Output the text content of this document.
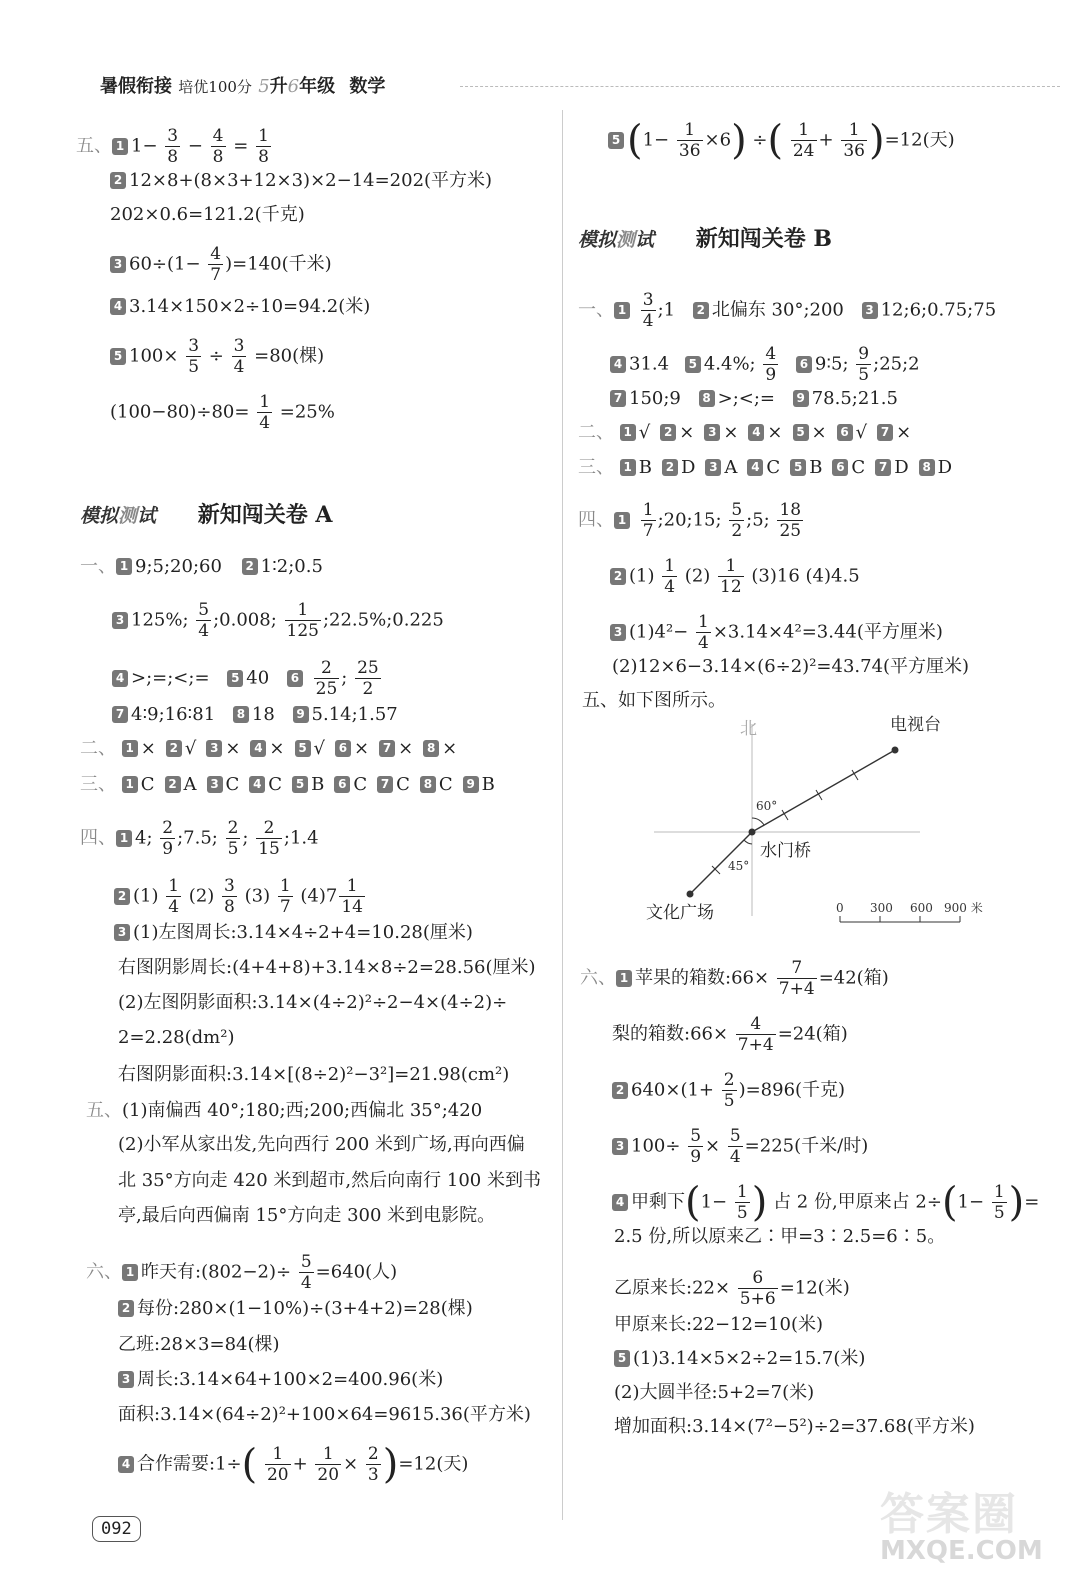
暑假衔接 培优100分 5升6年级 数学
五、 1 $1- \frac{3}{8} - \frac{4}{8} = \frac{1}{8}$
2 12×8+(8×3+12×3)×2−14=202(平方米)
202×0.6=121.2(千克)
3 $60\div(1- \frac{4}{7} )=140$(千米)
4 3.14×150×2÷10=94.2(米)
5 $100\times \frac{3}{5} \div \frac{3}{4} =80$(棵)
$(100-80)\div 80= \frac{1}{4} =25\%$
模拟测试 新知闯关卷 A
一、 1 9;5;20;60 2 1∶2;0.5
3 125%; $\frac{5}{4}$ ;0.008; $\frac{1}{125}$ ;22.5%;0.225
4 >;=;<;= 5 40 $6 \frac{2}{25}$ ; $\frac{25}{2}$
7 4∶9;16∶81 8 18 9 5.14;1.57
二、 1 × 2 √ 3 × 4 × 5 √ 6 × 7 × 8 ×
三、 1 C 2 A 3 C 4 C 5 B 6 C 7 C 8 C 9 B
四、 1 4; $\frac{2}{9}$ ;7.5; $\frac{2}{5}$ ; $\frac{2}{15}$ ;1.4
2 $(1) \frac{1}{4} (2) \frac{3}{8} (3) \frac{1}{7} (4)7 \frac{1}{14}$
3 (1)左图周长:3.14×4÷2+4=10.28(厘米)
右图阴影周长:(4+4+8)+3.14×8÷2=28.56(厘米)
(2)左图阴影面积:3.14×(4÷2)²÷2−4×(4÷2)÷
2=2.28(dm²)
右图阴影面积:3.14×[(8÷2)²−3²]=21.98(cm²)
五、(1)南偏西 40°;180;西;200;西偏北 35°;420
(2)小军从家出发,先向西行 200 米到广场,再向西偏
北 35°方向走 420 米到超市,然后向南行 100 米到书
亭,最后向西偏南 15°方向走 300 米到电影院。
六、 1 昨天有:(802−2)÷ $\frac{5}{4} =640$(人)
2 每份:280×(1−10%)÷(3+4+2)=28(棵)
乙班:28×3=84(棵)
3 周长:3.14×64+100×2=400.96(米)
面积:3.14×(64÷2)²+100×64=9615.36(平方米)
4 合作需要:1÷( $\frac{1}{20} + \frac{1}{20} \times \frac{2}{3} )=12$(天)
5 $(1- \frac{1}{36} \times 6)$ ÷( $\frac{1}{24} + \frac{1}{36} )=12$(天)
模拟测试 新知闯关卷 B
一、 $1 \frac{3}{4}$ ;1 2 北偏东 30°;200 3 12;6;0.75;75
4 31.4 5 4.4%; $\frac{4}{9} 6$ 9∶5; $\frac{9}{5}$ ;25;2
7 150;9 8 >;<;= 9 78.5;21.5
二、 1 √ 2 × 3 × 4 × 5 × 6 √ 7 ×
三、 1 B 2 D 3 A 4 C 5 B 6 C 7 D 8 D
四、 $1 \frac{1}{7}$ ;20;15; $\frac{5}{2}$ ;5; $\frac{18}{25}$
2 $(1) \frac{1}{4} (2) \frac{1}{12} (3)16$ (4)4.5
3 $(1)4^2- \frac{1}{4} \times 3.14\times 4^2=3.44$(平方厘米)
(2)12×6−3.14×(6÷2)²=43.74(平方厘米)
五、如下图所示。
北	电视台
60°
45°
水门桥
文化广场	0 300 600 900 米
六、 1 苹果的箱数:66× $\frac{7}{7+4} =42$(箱)
梨的箱数:66× $\frac{4}{7+4} =24$(箱)
2 $640\times(1+ \frac{2}{5} )=896$(千克)
3 $100\div \frac{5}{9} \times \frac{5}{4} =225$(千米/时)
4 甲剩下($1- \frac{1}{5}$ ) 占 2 份,甲原来占 $2\div(1- \frac{1}{5}$ )=
2.5 份,所以原来乙∶甲=3∶2.5=6∶5。
乙原来长:22× $\frac{6}{5+6} =12$(米)
甲原来长:22−12=10(米)
5 (1)3.14×5×2÷2=15.7(米)
(2)大圆半径:5+2=7(米)
增加面积:3.14×(7²−5²)÷2=37.68(平方米)
092	答案圈
MXQE.COM
